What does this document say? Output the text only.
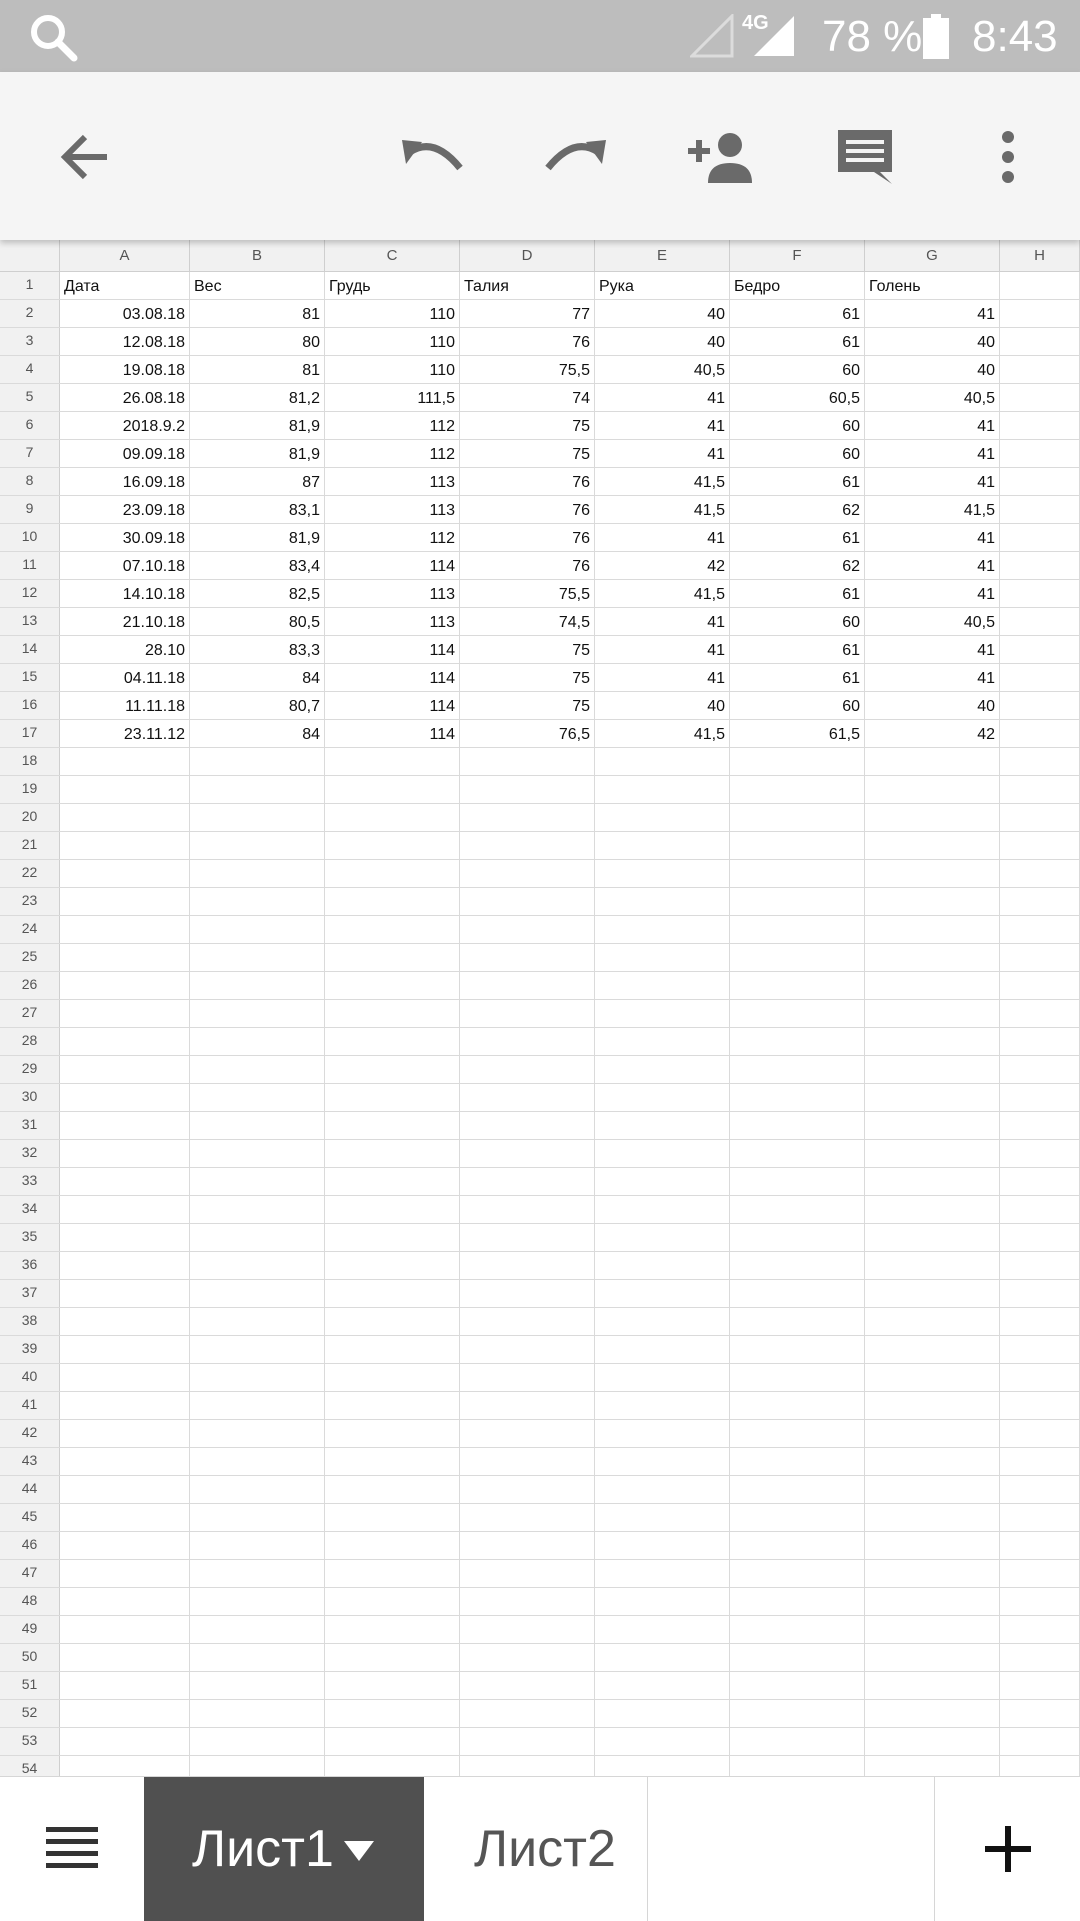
4G 78 % 8:43
A	B	C	D	E	F	G	H
1	Дата	Вес	Грудь	Талия	Рука	Бедро	Голень
2	03.08.18	81	110	77	40	61	41
3	12.08.18	80	110	76	40	61	40
4	19.08.18	81	110	75,5	40,5	60	40
5	26.08.18	81,2	111,5	74	41	60,5	40,5
6	2018.9.2	81,9	112	75	41	60	41
7	09.09.18	81,9	112	75	41	60	41
8	16.09.18	87	113	76	41,5	61	41
9	23.09.18	83,1	113	76	41,5	62	41,5
10	30.09.18	81,9	112	76	41	61	41
11	07.10.18	83,4	114	76	42	62	41
12	14.10.18	82,5	113	75,5	41,5	61	41
13	21.10.18	80,5	113	74,5	41	60	40,5
14	28.10	83,3	114	75	41	61	41
15	04.11.18	84	114	75	41	61	41
16	11.11.18	80,7	114	75	40	60	40
17	23.11.12	84	114	76,5	41,5	61,5	42
18
19
20
21
22
23
24
25
26
27
28
29
30
31
32
33
34
35
36
37
38
39
40
41
42
43
44
45
46
47
48
49
50
51
52
53
54
Лист1	Лист2
